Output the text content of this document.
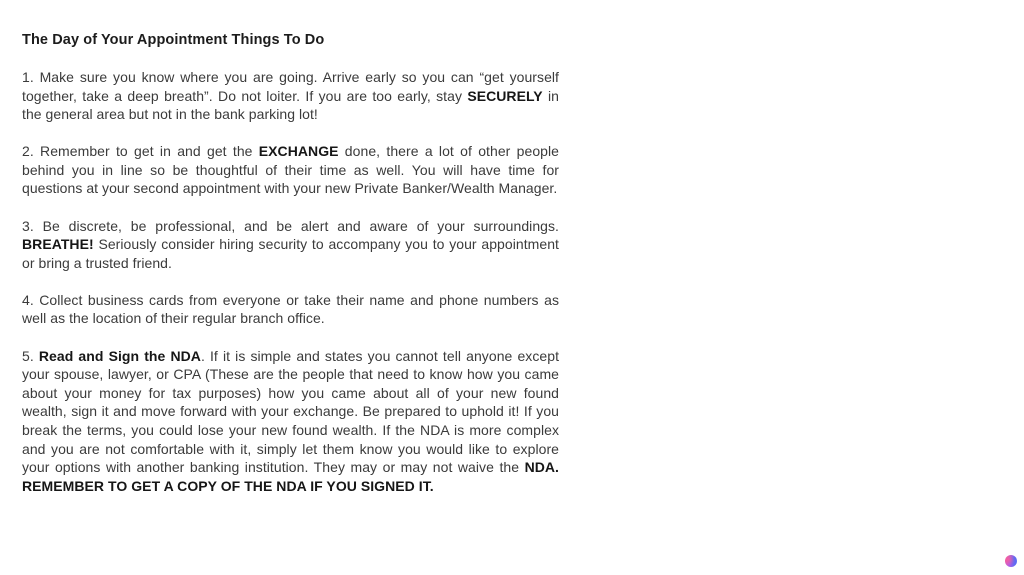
The Day of Your Appointment Things To Do

1. Make sure you know where you are going. Arrive early so you can “get yourself together, take a deep breath”. Do not loiter. If you are too early, stay SECURELY in the general area but not in the bank parking lot!

2. Remember to get in and get the EXCHANGE done, there a lot of other people behind you in line so be thoughtful of their time as well. You will have time for questions at your second appointment with your new Private Banker/Wealth Manager.

3. Be discrete, be professional, and be alert and aware of your surroundings. BREATHE! Seriously consider hiring security to accompany you to your appointment or bring a trusted friend.

4. Collect business cards from everyone or take their name and phone numbers as well as the location of their regular branch office.

5. Read and Sign the NDA. If it is simple and states you cannot tell anyone except your spouse, lawyer, or CPA (These are the people that need to know how you came about your money for tax purposes) how you came about all of your new found wealth, sign it and move forward with your exchange. Be prepared to uphold it! If you break the terms, you could lose your new found wealth. If the NDA is more complex and you are not comfortable with it, simply let them know you would like to explore your options with another banking institution. They may or may not waive the NDA. REMEMBER TO GET A COPY OF THE NDA IF YOU SIGNED IT.
